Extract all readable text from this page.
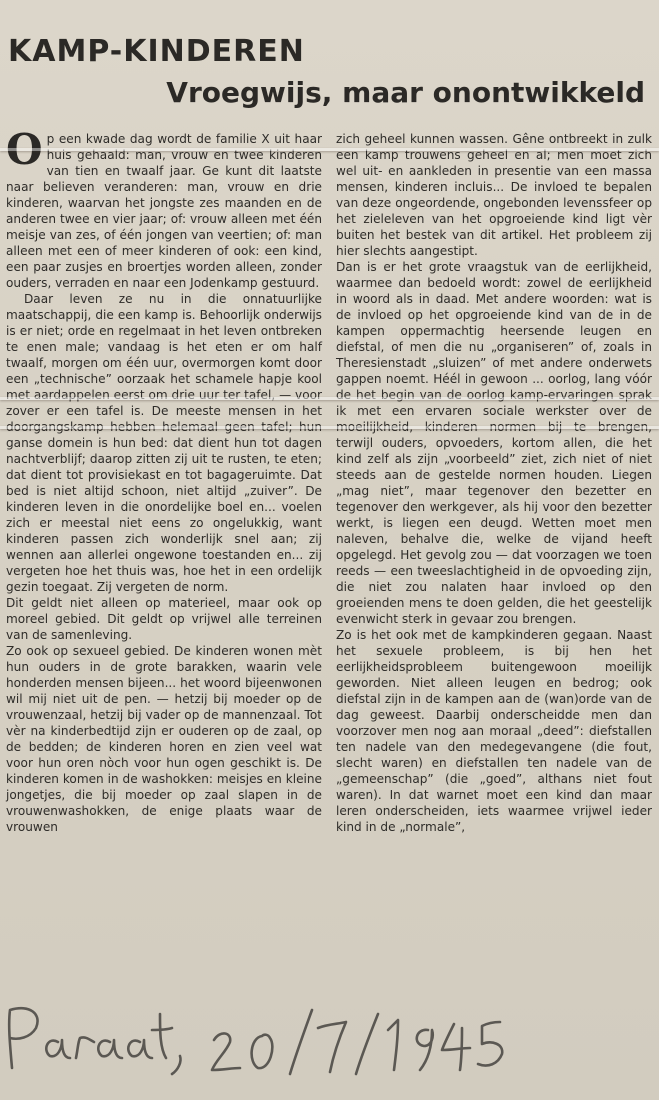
KAMP-KINDEREN
Vroegwijs, maar onontwikkeld

Op een kwade dag wordt de familie X uit haar huis gehaald: man, vrouw en twee kinderen van tien en twaalf jaar. Ge kunt dit laatste naar believen veranderen: man, vrouw en drie kinderen, waarvan het jongste zes maanden en de anderen twee en vier jaar; of: vrouw alleen met één meisje van zes, of één jongen van veertien; of: man alleen met een of meer kinderen of ook: een kind, een paar zusjes en broertjes worden alleen, zonder ouders, verraden en naar een Jodenkamp gestuurd.

Daar leven ze nu in die onnatuurlijke maatschappij, die een kamp is. Behoorlijk onderwijs is er niet; orde en regelmaat in het leven ontbreken te enen male; vandaag is het eten er om half twaalf, morgen om één uur, overmorgen komt door een „technische” oorzaak het schamele hapje kool met aardappelen eerst om drie uur ter tafel, — voor zover er een tafel is. De meeste mensen in het doorgangskamp hebben helemaal geen tafel; hun ganse domein is hun bed: dat dient hun tot dagen nachtverblijf; daarop zitten zij uit te rusten, te eten; dat dient tot provisiekast en tot bagageruimte. Dat bed is niet altijd schoon, niet altijd „zuiver”. De kinderen leven in die onordelijke boel en... voelen zich er meestal niet eens zo ongelukkig, want kinderen passen zich wonderlijk snel aan; zij wennen aan allerlei ongewone toestanden en... zij vergeten hoe het thuis was, hoe het in een ordelijk gezin toegaat. Zij vergeten de norm.

Dit geldt niet alleen op materieel, maar ook op moreel gebied. Dit geldt op vrijwel alle terreinen van de samenleving.

Zo ook op sexueel gebied. De kinderen wonen mèt hun ouders in de grote barakken, waarin vele honderden mensen bijeen... het woord bijeenwonen wil mij niet uit de pen. — hetzij bij moeder op de vrouwenzaal, hetzij bij vader op de mannenzaal. Tot vèr na kinderbedtijd zijn er ouderen op de zaal, op de bedden; de kinderen horen en zien veel wat voor hun oren nòch voor hun ogen geschikt is. De kinderen komen in de washokken: meisjes en kleine jongetjes, die bij moeder op zaal slapen in de vrouwenwashokken, de enige plaats waar de vrouwen

zich geheel kunnen wassen. Gêne ontbreekt in zulk een kamp trouwens geheel en al; men moet zich wel uit- en aankleden in presentie van een massa mensen, kinderen incluis... De invloed te bepalen van deze ongeordende, ongebonden levenssfeer op het zieleleven van het opgroeiende kind ligt vèr buiten het bestek van dit artikel. Het probleem zij hier slechts aangestipt.

Dan is er het grote vraagstuk van de eerlijkheid, waarmee dan bedoeld wordt: zowel de eerlijkheid in woord als in daad. Met andere woorden: wat is de invloed op het opgroeiende kind van de in de kampen oppermachtig heersende leugen en diefstal, of men die nu „organiseren” of, zoals in Theresienstadt „sluizen” of met andere onderwets gappen noemt. Héél in gewoon ... oorlog, lang vóór de het begin van de oorlog kamp-ervaringen sprak ik met een ervaren sociale werkster over de moeilijkheid, kinderen normen bij te brengen, terwijl ouders, opvoeders, kortom allen, die het kind zelf als zijn „voorbeeld” ziet, zich niet of niet steeds aan de gestelde normen houden. Liegen „mag niet”, maar tegenover den bezetter en tegenover den werkgever, als hij voor den bezetter werkt, is liegen een deugd. Wetten moet men naleven, behalve die, welke de vijand heeft opgelegd. Het gevolg zou — dat voorzagen we toen reeds — een tweeslachtigheid in de opvoeding zijn, die niet zou nalaten haar invloed op den groeienden mens te doen gelden, die het geestelijk evenwicht sterk in gevaar zou brengen.

Zo is het ook met de kampkinderen gegaan. Naast het sexuele probleem, is bij hen het eerlijkheidsprobleem buitengewoon moeilijk geworden. Niet alleen leugen en bedrog; ook diefstal zijn in de kampen aan de (wan)orde van de dag geweest. Daarbij onderscheidde men dan voorzover men nog aan moraal „deed”: diefstallen ten nadele van den medegevangene (die fout, slecht waren) en diefstallen ten nadele van de „gemeenschap” (die „goed”, althans niet fout waren). In dat warnet moet een kind dan maar leren onderscheiden, iets waarmee vrijwel ieder kind in de „normale”,
